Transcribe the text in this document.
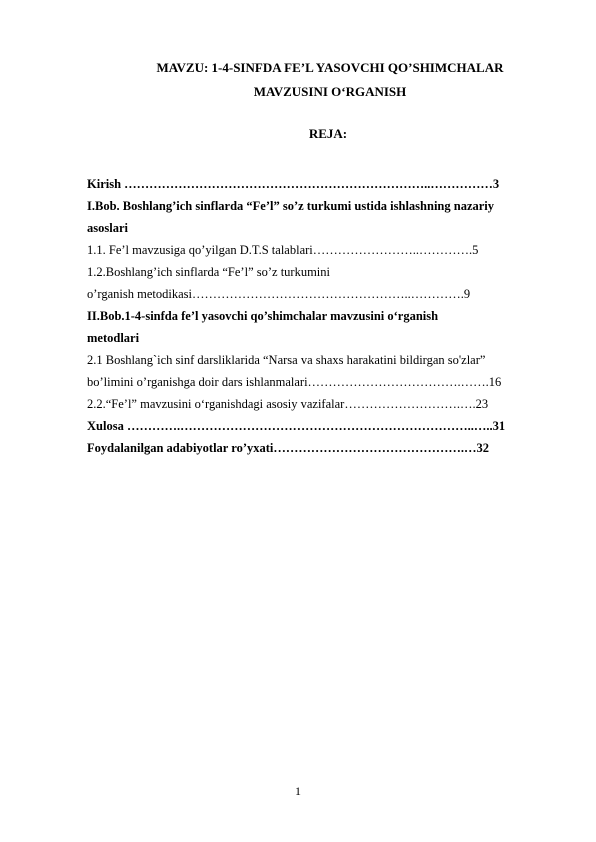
MAVZU: 1-4-SINFDA FE’L YASOVCHI QO’SHIMCHALAR
MAVZUSINI O‘RGANISH
REJA:
Kirish ………………………………………………………………..……………3
I.Bob. Boshlang’ich sinflarda “Fe’l” so’z turkumi ustida ishlashning nazariy
asoslari
1.1. Fe’l mavzusiga qo’yilgan D.T.S talablari……………………..………….5
1.2.Boshlang’ich sinflarda “Fe’l” so’z turkumini
o’rganish metodikasi……………………………………………..………….9
II.Bob.1-4-sinfda fe’l yasovchi qo’shimchalar mavzusini o‘rganish
metodlari
2.1 Boshlang`ich sinf darsliklarida “Narsa va shaxs harakatini bildirgan so'zlar”
bo’limini o’rganishga doir dars ishlanmalari……………………………….…….16
2.2.“Fe’l” mavzusini o‘rganishdagi asosiy vazifalar……………………….….23
Xulosa ………….……………………………………………………………..…..31
Foydalanilgan adabiyotlar ro’yxati……………………………………….…32
1
